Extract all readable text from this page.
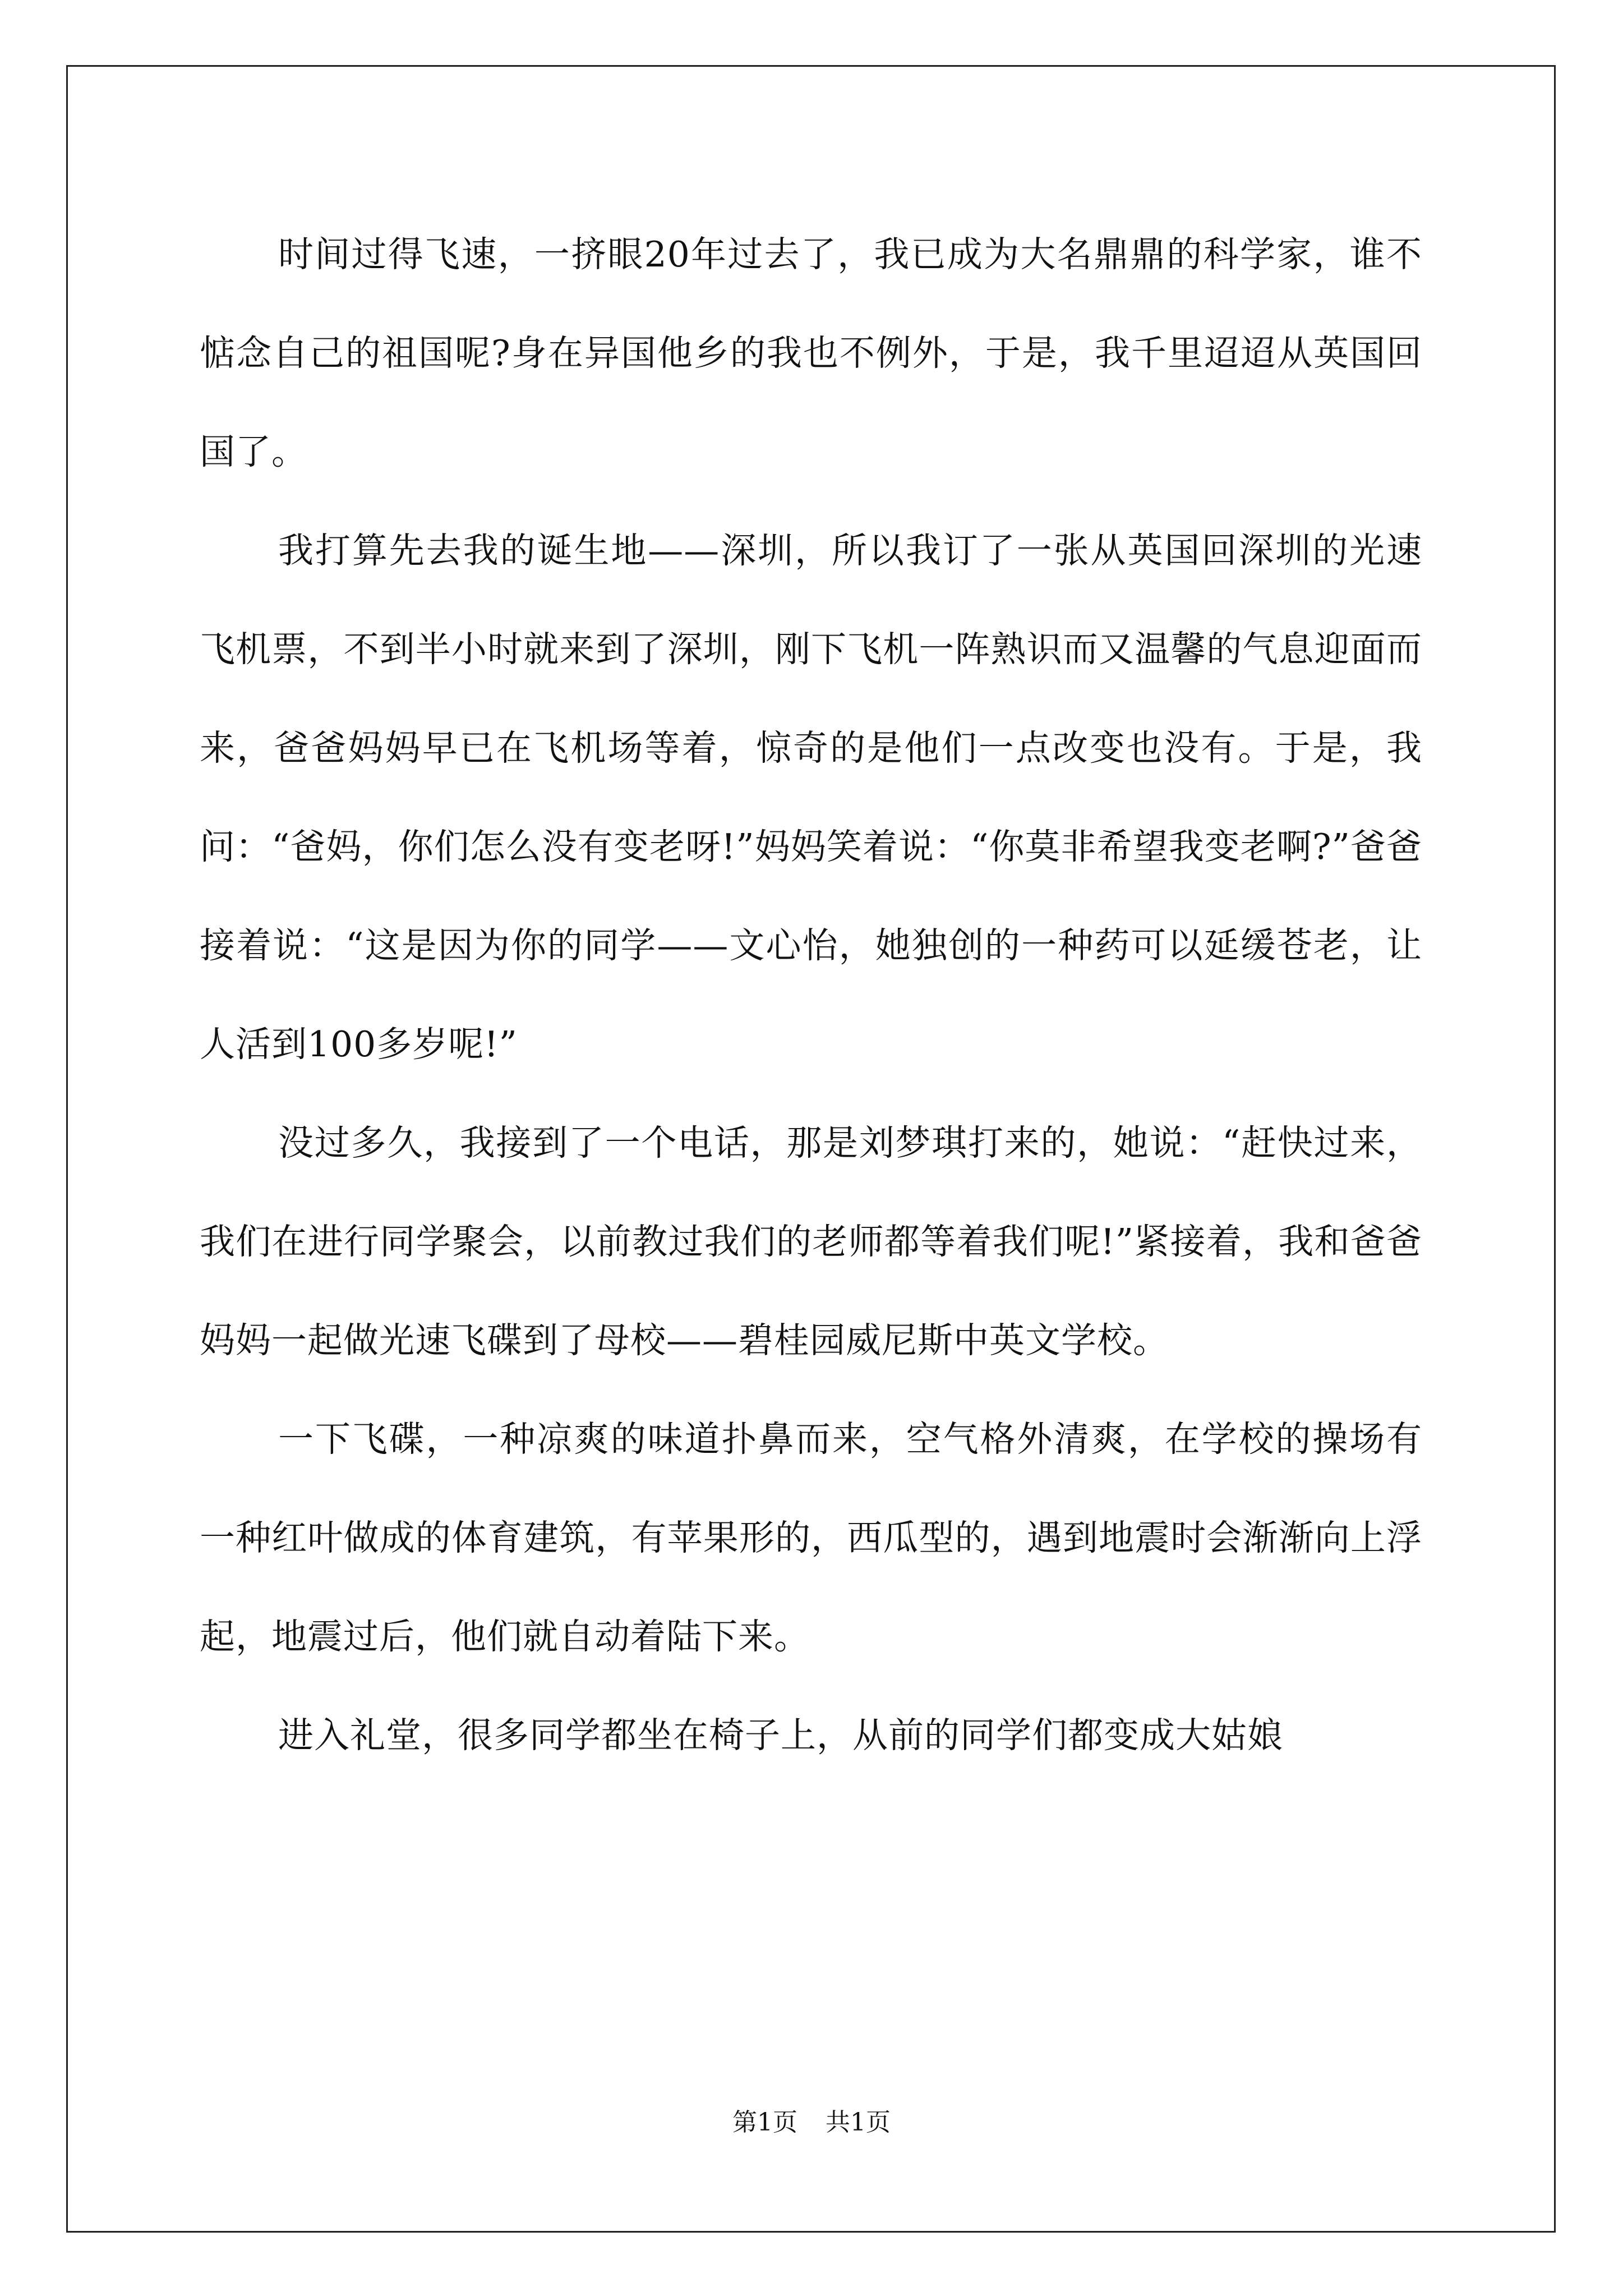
时间过得飞速，一挤眼20年过去了，我已成为大名鼎鼎的科学家，谁不惦念自己的祖国呢?身在异国他乡的我也不例外，于是，我千里迢迢从英国回国了。

我打算先去我的诞生地——深圳，所以我订了一张从英国回深圳的光速飞机票，不到半小时就来到了深圳，刚下飞机一阵熟识而又温馨的气息迎面而来，爸爸妈妈早已在飞机场等着，惊奇的是他们一点改变也没有。于是，我问：“爸妈，你们怎么没有变老呀!”妈妈笑着说：“你莫非希望我变老啊?”爸爸接着说：“这是因为你的同学——文心怡，她独创的一种药可以延缓苍老，让人活到100多岁呢!”

没过多久，我接到了一个电话，那是刘梦琪打来的，她说：“赶快过来，我们在进行同学聚会，以前教过我们的老师都等着我们呢!”紧接着，我和爸爸妈妈一起做光速飞碟到了母校——碧桂园威尼斯中英文学校。

一下飞碟，一种凉爽的味道扑鼻而来，空气格外清爽，在学校的操场有一种红叶做成的体育建筑，有苹果形的，西瓜型的，遇到地震时会渐渐向上浮起，地震过后，他们就自动着陆下来。

进入礼堂，很多同学都坐在椅子上，从前的同学们都变成大姑娘

第1页 共1页
